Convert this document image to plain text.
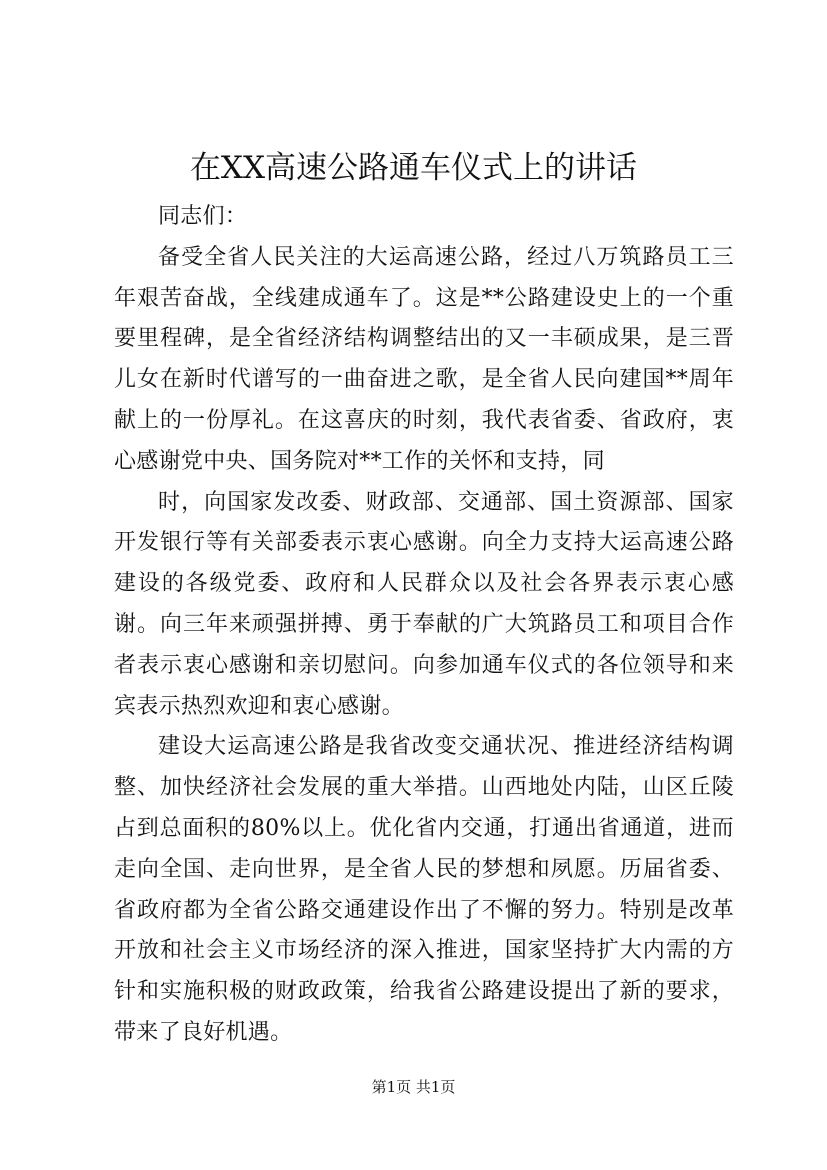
在XX高速公路通车仪式上的讲话

同志们：

备受全省人民关注的大运高速公路，经过八万筑路员工三年艰苦奋战，全线建成通车了。这是**公路建设史上的一个重要里程碑，是全省经济结构调整结出的又一丰硕成果，是三晋儿女在新时代谱写的一曲奋进之歌，是全省人民向建国**周年献上的一份厚礼。在这喜庆的时刻，我代表省委、省政府，衷心感谢党中央、国务院对**工作的关怀和支持，同

时，向国家发改委、财政部、交通部、国土资源部、国家开发银行等有关部委表示衷心感谢。向全力支持大运高速公路建设的各级党委、政府和人民群众以及社会各界表示衷心感谢。向三年来顽强拼搏、勇于奉献的广大筑路员工和项目合作者表示衷心感谢和亲切慰问。向参加通车仪式的各位领导和来宾表示热烈欢迎和衷心感谢。

建设大运高速公路是我省改变交通状况、推进经济结构调整、加快经济社会发展的重大举措。山西地处内陆，山区丘陵占到总面积的80%以上。优化省内交通，打通出省通道，进而走向全国、走向世界，是全省人民的梦想和夙愿。历届省委、省政府都为全省公路交通建设作出了不懈的努力。特别是改革开放和社会主义市场经济的深入推进，国家坚持扩大内需的方针和实施积极的财政政策，给我省公路建设提出了新的要求，带来了良好机遇。

第1页 共1页
